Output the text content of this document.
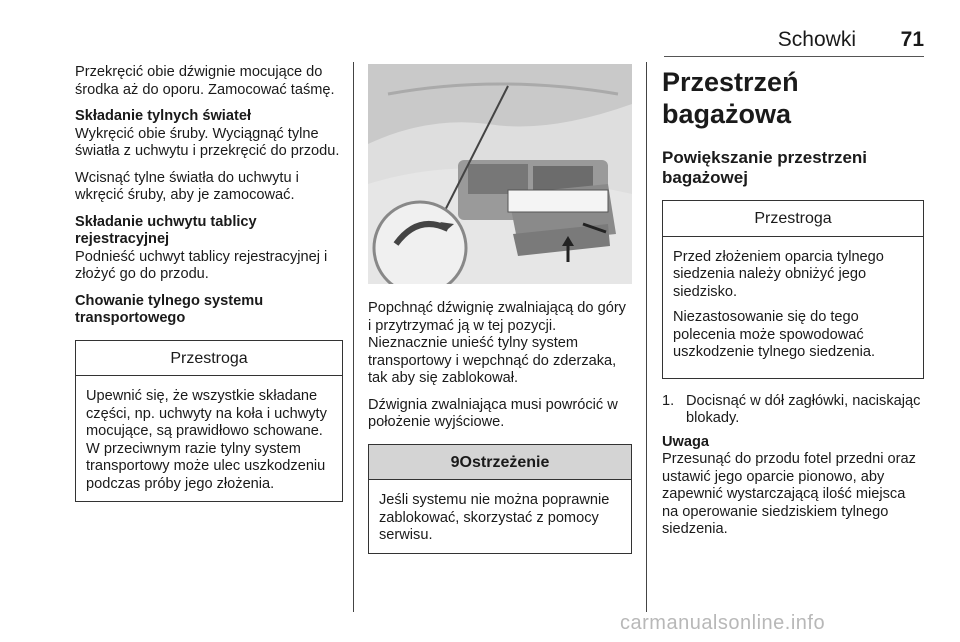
Schowki 71

Przekręcić obie dźwignie mocujące do środka aż do oporu. Zamocować taśmę.

Składanie tylnych świateł

Wykręcić obie śruby. Wyciągnąć tylne światła z uchwytu i przekręcić do przodu.

Wcisnąć tylne światła do uchwytu i wkręcić śruby, aby je zamocować.

Składanie uchwytu tablicy rejestracyjnej

Podnieść uchwyt tablicy rejestracyjnej i złożyć go do przodu.

Chowanie tylnego systemu transportowego
Przestroga
Upewnić się, że wszystkie składane części, np. uchwyty na koła i uchwyty mocujące, są prawidłowo schowane. W przeciwnym razie tylny system transportowy może ulec uszkodzeniu podczas próby jego złożenia.

Popchnąć dźwignię zwalniającą do góry i przytrzymać ją w tej pozycji. Nieznacznie unieść tylny system transportowy i wepchnąć do zderzaka, tak aby się zablokował.

Dźwignia zwalniająca musi powrócić w położenie wyjściowe.

9Ostrzeżenie
Jeśli systemu nie można poprawnie zablokować, skorzystać z pomocy serwisu.
Przestrzeń bagażowa
Powiększanie przestrzeni bagażowej
Przestroga

Przed złożeniem oparcia tylnego siedzenia należy obniżyć jego siedzisko.

Niezastosowanie się do tego polecenia może spowodować uszkodzenie tylnego siedzenia.

1. Docisnąć w dół zagłówki, naciskając blokady.
Uwaga

Przesunąć do przodu fotel przedni oraz ustawić jego oparcie pionowo, aby zapewnić wystarczającą ilość miejsca na operowanie siedziskiem tylnego siedzenia.

carmanualsonline.info
